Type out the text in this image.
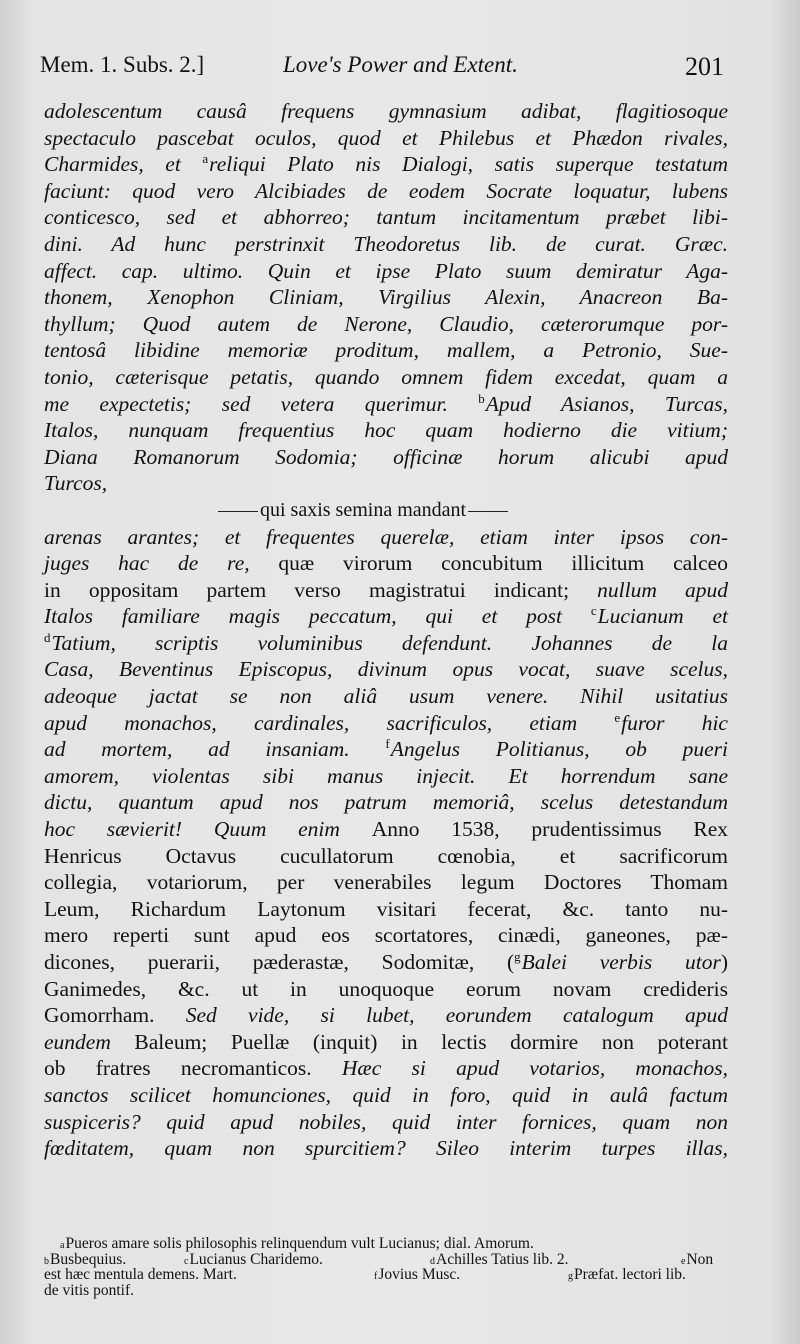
Mem. 1. Subs. 2.]	Love's Power and Extent.	201
adolescentum causâ frequens gymnasium adibat, flagitiosoque
spectaculo pascebat oculos, quod et Philebus et Phædon rivales,
Charmides, et $^a$reliqui Plato nis Dialogi, satis superque testatum
faciunt: quod vero Alcibiades de eodem Socrate loquatur, lubens
conticesco, sed et abhorreo; tantum incitamentum præbet libi-
dini. Ad hunc perstrinxit Theodoretus lib. de curat. Græc.
affect. cap. ultimo. Quin et ipse Plato suum demiratur Aga-
thonem, Xenophon Cliniam, Virgilius Alexin, Anacreon Ba-
thyllum; Quod autem de Nerone, Claudio, cæterorumque por-
tentosâ libidine memoriæ proditum, mallem, a Petronio, Sue-
tonio, cæterisque petatis, quando omnem fidem excedat, quam a
me expectetis; sed vetera querimur. $^b$Apud Asianos, Turcas,
Italos, nunquam frequentius hoc quam hodierno die vitium;
Diana Romanorum Sodomia; officinæ horum alicubi apud
Turcos,
qui saxis semina mandant
arenas arantes; et frequentes querelæ, etiam inter ipsos con-
juges hac de re, quæ virorum concubitum illicitum calceo
in oppositam partem verso magistratui indicant; nullum apud
Italos familiare magis peccatum, qui et post $^c$Lucianum et
$^d$Tatium, scriptis voluminibus defendunt. Johannes de la
Casa, Beventinus Episcopus, divinum opus vocat, suave scelus,
adeoque jactat se non aliâ usum venere. Nihil usitatius
apud monachos, cardinales, sacrificulos, etiam $^e$furor hic
ad mortem, ad insaniam. $^f$Angelus Politianus, ob pueri
amorem, violentas sibi manus injecit. Et horrendum sane
dictu, quantum apud nos patrum memoriâ, scelus detestandum
hoc sævierit! Quum enim Anno 1538, prudentissimus Rex
Henricus Octavus cucullatorum cœnobia, et sacrificorum
collegia, votariorum, per venerabiles legum Doctores Thomam
Leum, Richardum Laytonum visitari fecerat, &c. tanto nu-
mero reperti sunt apud eos scortatores, cinædi, ganeones, pæ-
dicones, puerarii, pæderastæ, Sodomitæ, ($^g$Balei verbis utor)
Ganimedes, &c. ut in unoquoque eorum novam credideris
Gomorrham. Sed vide, si lubet, eorundem catalogum apud
eundem Baleum; Puellæ (inquit) in lectis dormire non poterant
ob fratres necromanticos. Hæc si apud votarios, monachos,
sanctos scilicet homunciones, quid in foro, quid in aulâ factum
suspiceris? quid apud nobiles, quid inter fornices, quam non
fœditatem, quam non spurcitiem? Sileo interim turpes illas,
aPueros amare solis philosophis relinquendum vult Lucianus; dial. Amorum.
bBusbequius.	cLucianus Charidemo.	dAchilles Tatius lib. 2.	eNon
est hæc mentula demens. Mart.	fJovius Musc.	gPræfat. lectori lib.
de vitis pontif.
